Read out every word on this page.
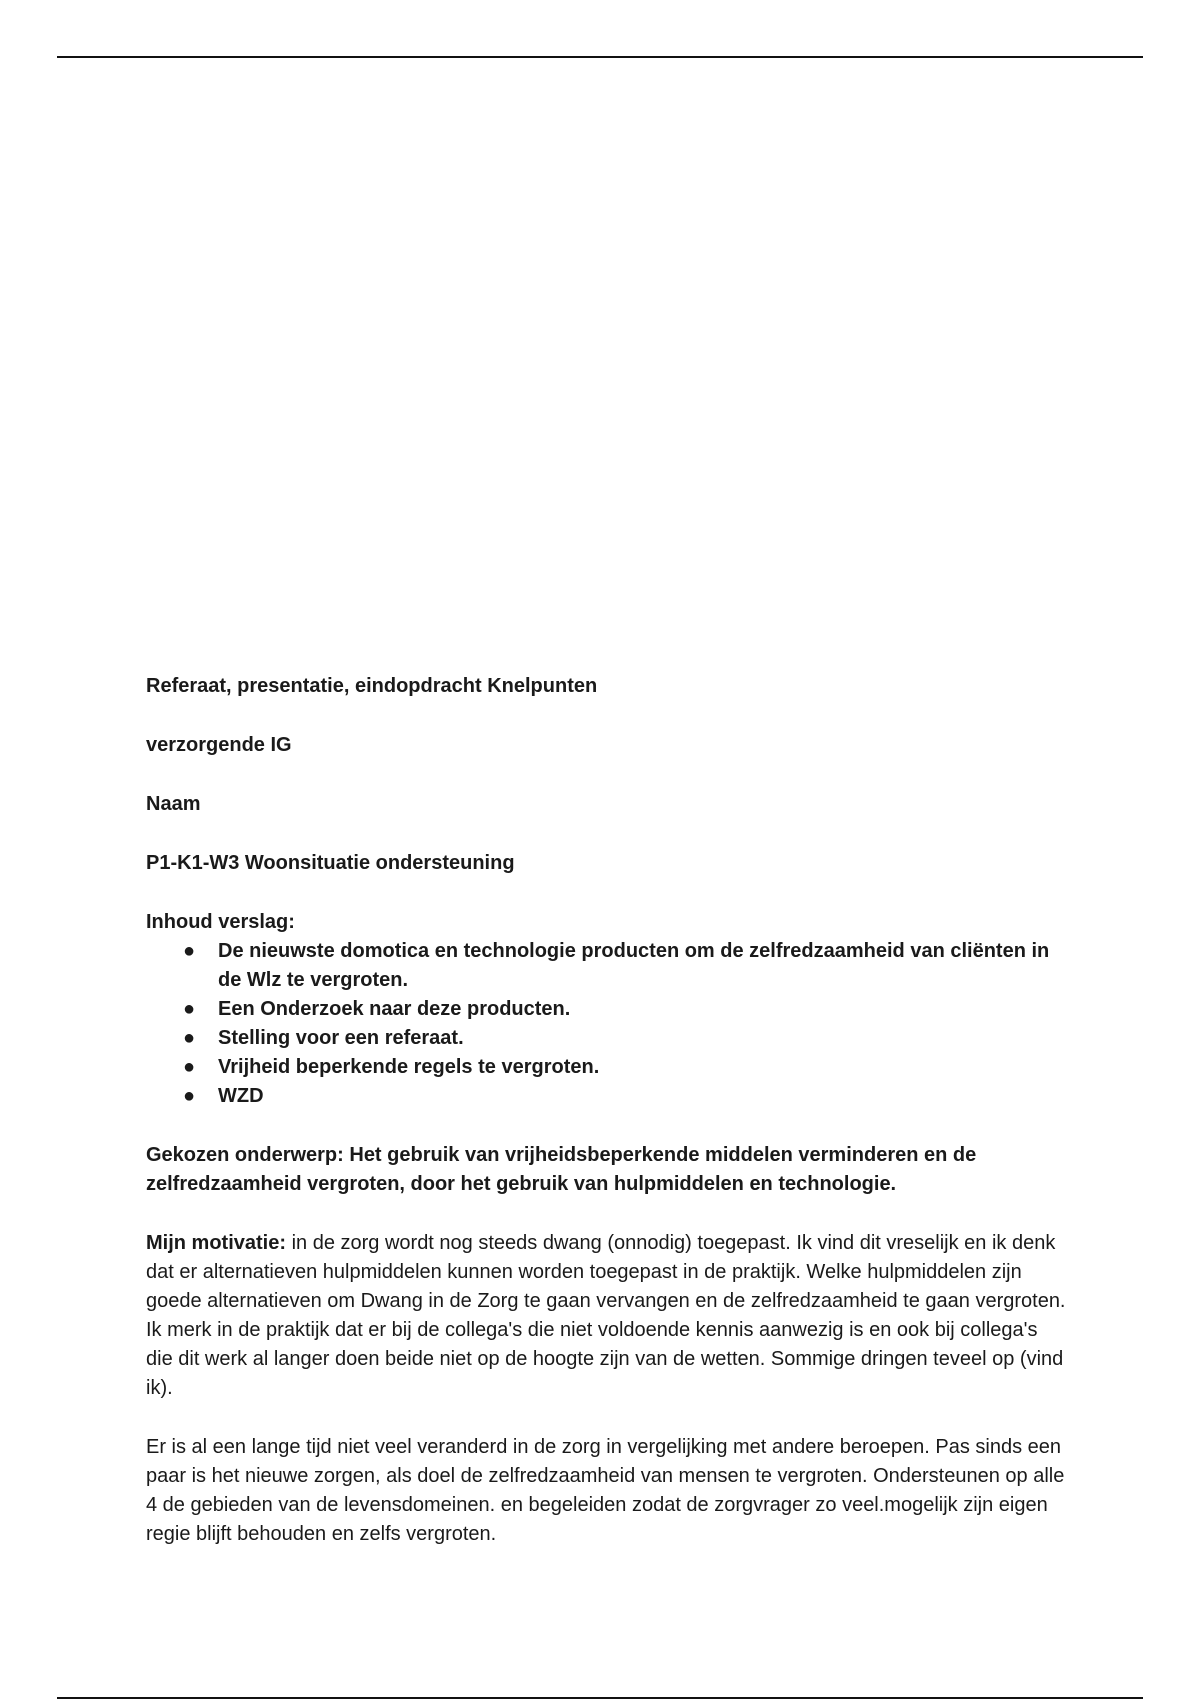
Referaat, presentatie, eindopdracht Knelpunten

verzorgende IG

Naam

P1-K1-W3 Woonsituatie ondersteuning

Inhoud verslag:

● De nieuwste domotica en technologie producten om de zelfredzaamheid van cliënten in de Wlz te vergroten.
● Een Onderzoek naar deze producten.
● Stelling voor een referaat.
● Vrijheid beperkende regels te vergroten.
● WZD

Gekozen onderwerp: Het gebruik van vrijheidsbeperkende middelen verminderen en de zelfredzaamheid vergroten, door het gebruik van hulpmiddelen en technologie.

Mijn motivatie: in de zorg wordt nog steeds dwang (onnodig) toegepast. Ik vind dit vreselijk en ik denk dat er alternatieven hulpmiddelen kunnen worden toegepast in de praktijk. Welke hulpmiddelen zijn goede alternatieven om Dwang in de Zorg te gaan vervangen en de zelfredzaamheid te gaan vergroten. Ik merk in de praktijk dat er bij de collega's die niet voldoende kennis aanwezig is en ook bij collega's die dit werk al langer doen beide niet op de hoogte zijn van de wetten. Sommige dringen teveel op (vind ik).

Er is al een lange tijd niet veel veranderd in de zorg in vergelijking met andere beroepen. Pas sinds een paar is het nieuwe zorgen, als doel de zelfredzaamheid van mensen te vergroten. Ondersteunen op alle 4 de gebieden van de levensdomeinen. en begeleiden zodat de zorgvrager zo veel.mogelijk zijn eigen regie blijft behouden en zelfs vergroten.
